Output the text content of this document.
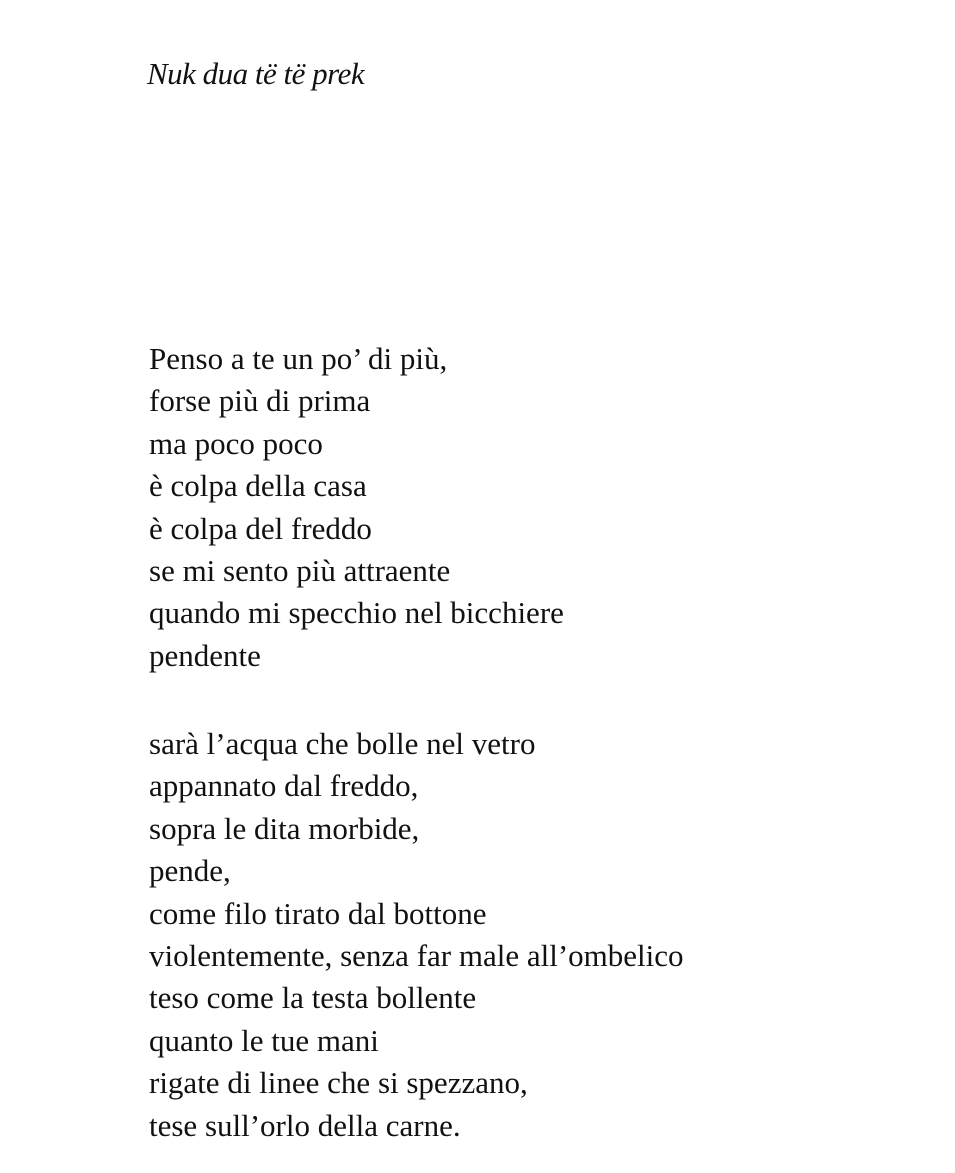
Nuk dua të të prek
Penso a te un po’ di più,
forse più di prima
ma poco poco
è colpa della casa
è colpa del freddo
se mi sento più attraente
quando mi specchio nel bicchiere
pendente
sarà l’acqua che bolle nel vetro
appannato dal freddo,
sopra le dita morbide,
pende,
come filo tirato dal bottone
violentemente, senza far male all’ombelico
teso come la testa bollente
quanto le tue mani
rigate di linee che si spezzano,
tese sull’orlo della carne.
